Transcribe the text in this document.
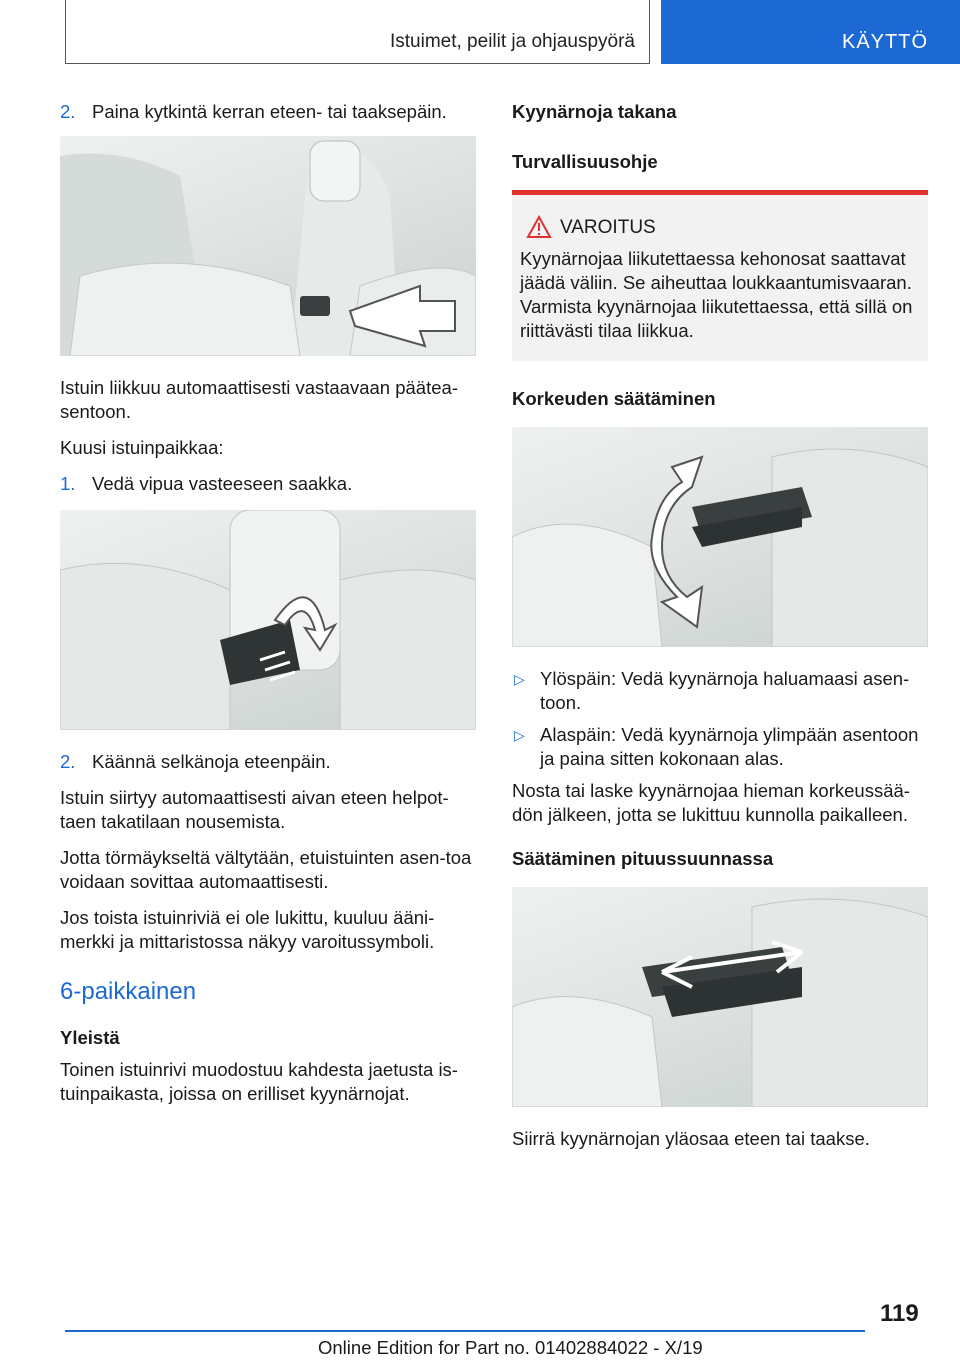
Istuimet, peilit ja ohjauspyörä	KÄYTTÖ
2. Paina kytkintä kerran eteen- tai taaksepäin.

Istuin liikkuu automaattisesti vastaavaan päätea-sentoon.

Kuusi istuinpaikkaa:

1. Vedä vipua vasteeseen saakka.
2. Käännä selkänoja eteenpäin.

Istuin siirtyy automaattisesti aivan eteen helpot-taen takatilaan nousemista.

Jotta törmäykseltä vältytään, etuistuinten asen-toa voidaan sovittaa automaattisesti.

Jos toista istuinriviä ei ole lukittu, kuuluu ääni-merkki ja mittaristossa näkyy varoitussymboli.

6-paikkainen
Yleistä

Toinen istuinrivi muodostuu kahdesta jaetusta is-tuinpaikasta, joissa on erilliset kyynärnojat.

Kyynärnoja takana
Turvallisuusohje
VAROITUS
Kyynärnojaa liikutettaessa kehonosat saattavat jäädä väliin. Se aiheuttaa loukkaantumisvaaran. Varmista kyynärnojaa liikutettaessa, että sillä on riittävästi tilaa liikkua.
Korkeuden säätäminen
▷ Ylöspäin: Vedä kyynärnoja haluamaasi asen-toon.
▷ Alaspäin: Vedä kyynärnoja ylimpään asentoon ja paina sitten kokonaan alas.

Nosta tai laske kyynärnojaa hieman korkeussää-dön jälkeen, jotta se lukittuu kunnolla paikalleen.

Säätäminen pituussuunnassa

Siirrä kyynärnojan yläosaa eteen tai taakse.

119
Online Edition for Part no. 01402884022 - X/19
